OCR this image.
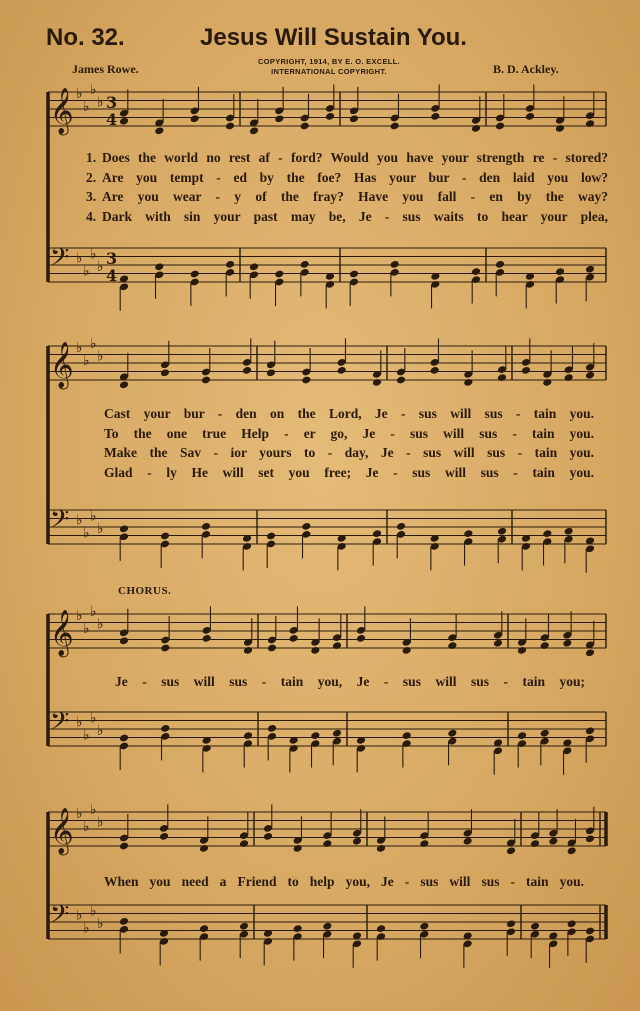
No. 32.	Jesus Will Sustain You.
James Rowe.
COPYRIGHT, 1914, BY E. O. EXCELL.
INTERNATIONAL COPYRIGHT.	B. D. Ackley.
𝄞 ♭
♭
♭
♭
𝄢 ♭
♭
♭
♭
3
4
3
4
𝄞 ♭
♭
♭
♭
𝄢 ♭
♭
♭
♭
𝄞 ♭
♭
♭
♭
𝄢 ♭
♭
♭
♭
𝄞 ♭
♭
♭
♭
𝄢 ♭
♭
♭
♭
1. Does the world no rest af - ford? Would you have your strength re - stored?
2. Are you tempt - ed by the foe? Has your bur - den laid you low?
3. Are you wear - y of the fray? Have you fall - en by the way?
4. Dark with sin your past may be, Je - sus waits to hear your plea,
Cast your bur - den on the Lord, Je - sus will sus - tain you.
To the one true Help - er go, Je - sus will sus - tain you.
Make the Sav - ior yours to - day, Je - sus will sus - tain you.
Glad - ly He will set you free; Je - sus will sus - tain you.
CHORUS.
Je - sus will sus - tain you, Je - sus will sus - tain you;
When you need a Friend to help you, Je - sus will sus - tain you.
